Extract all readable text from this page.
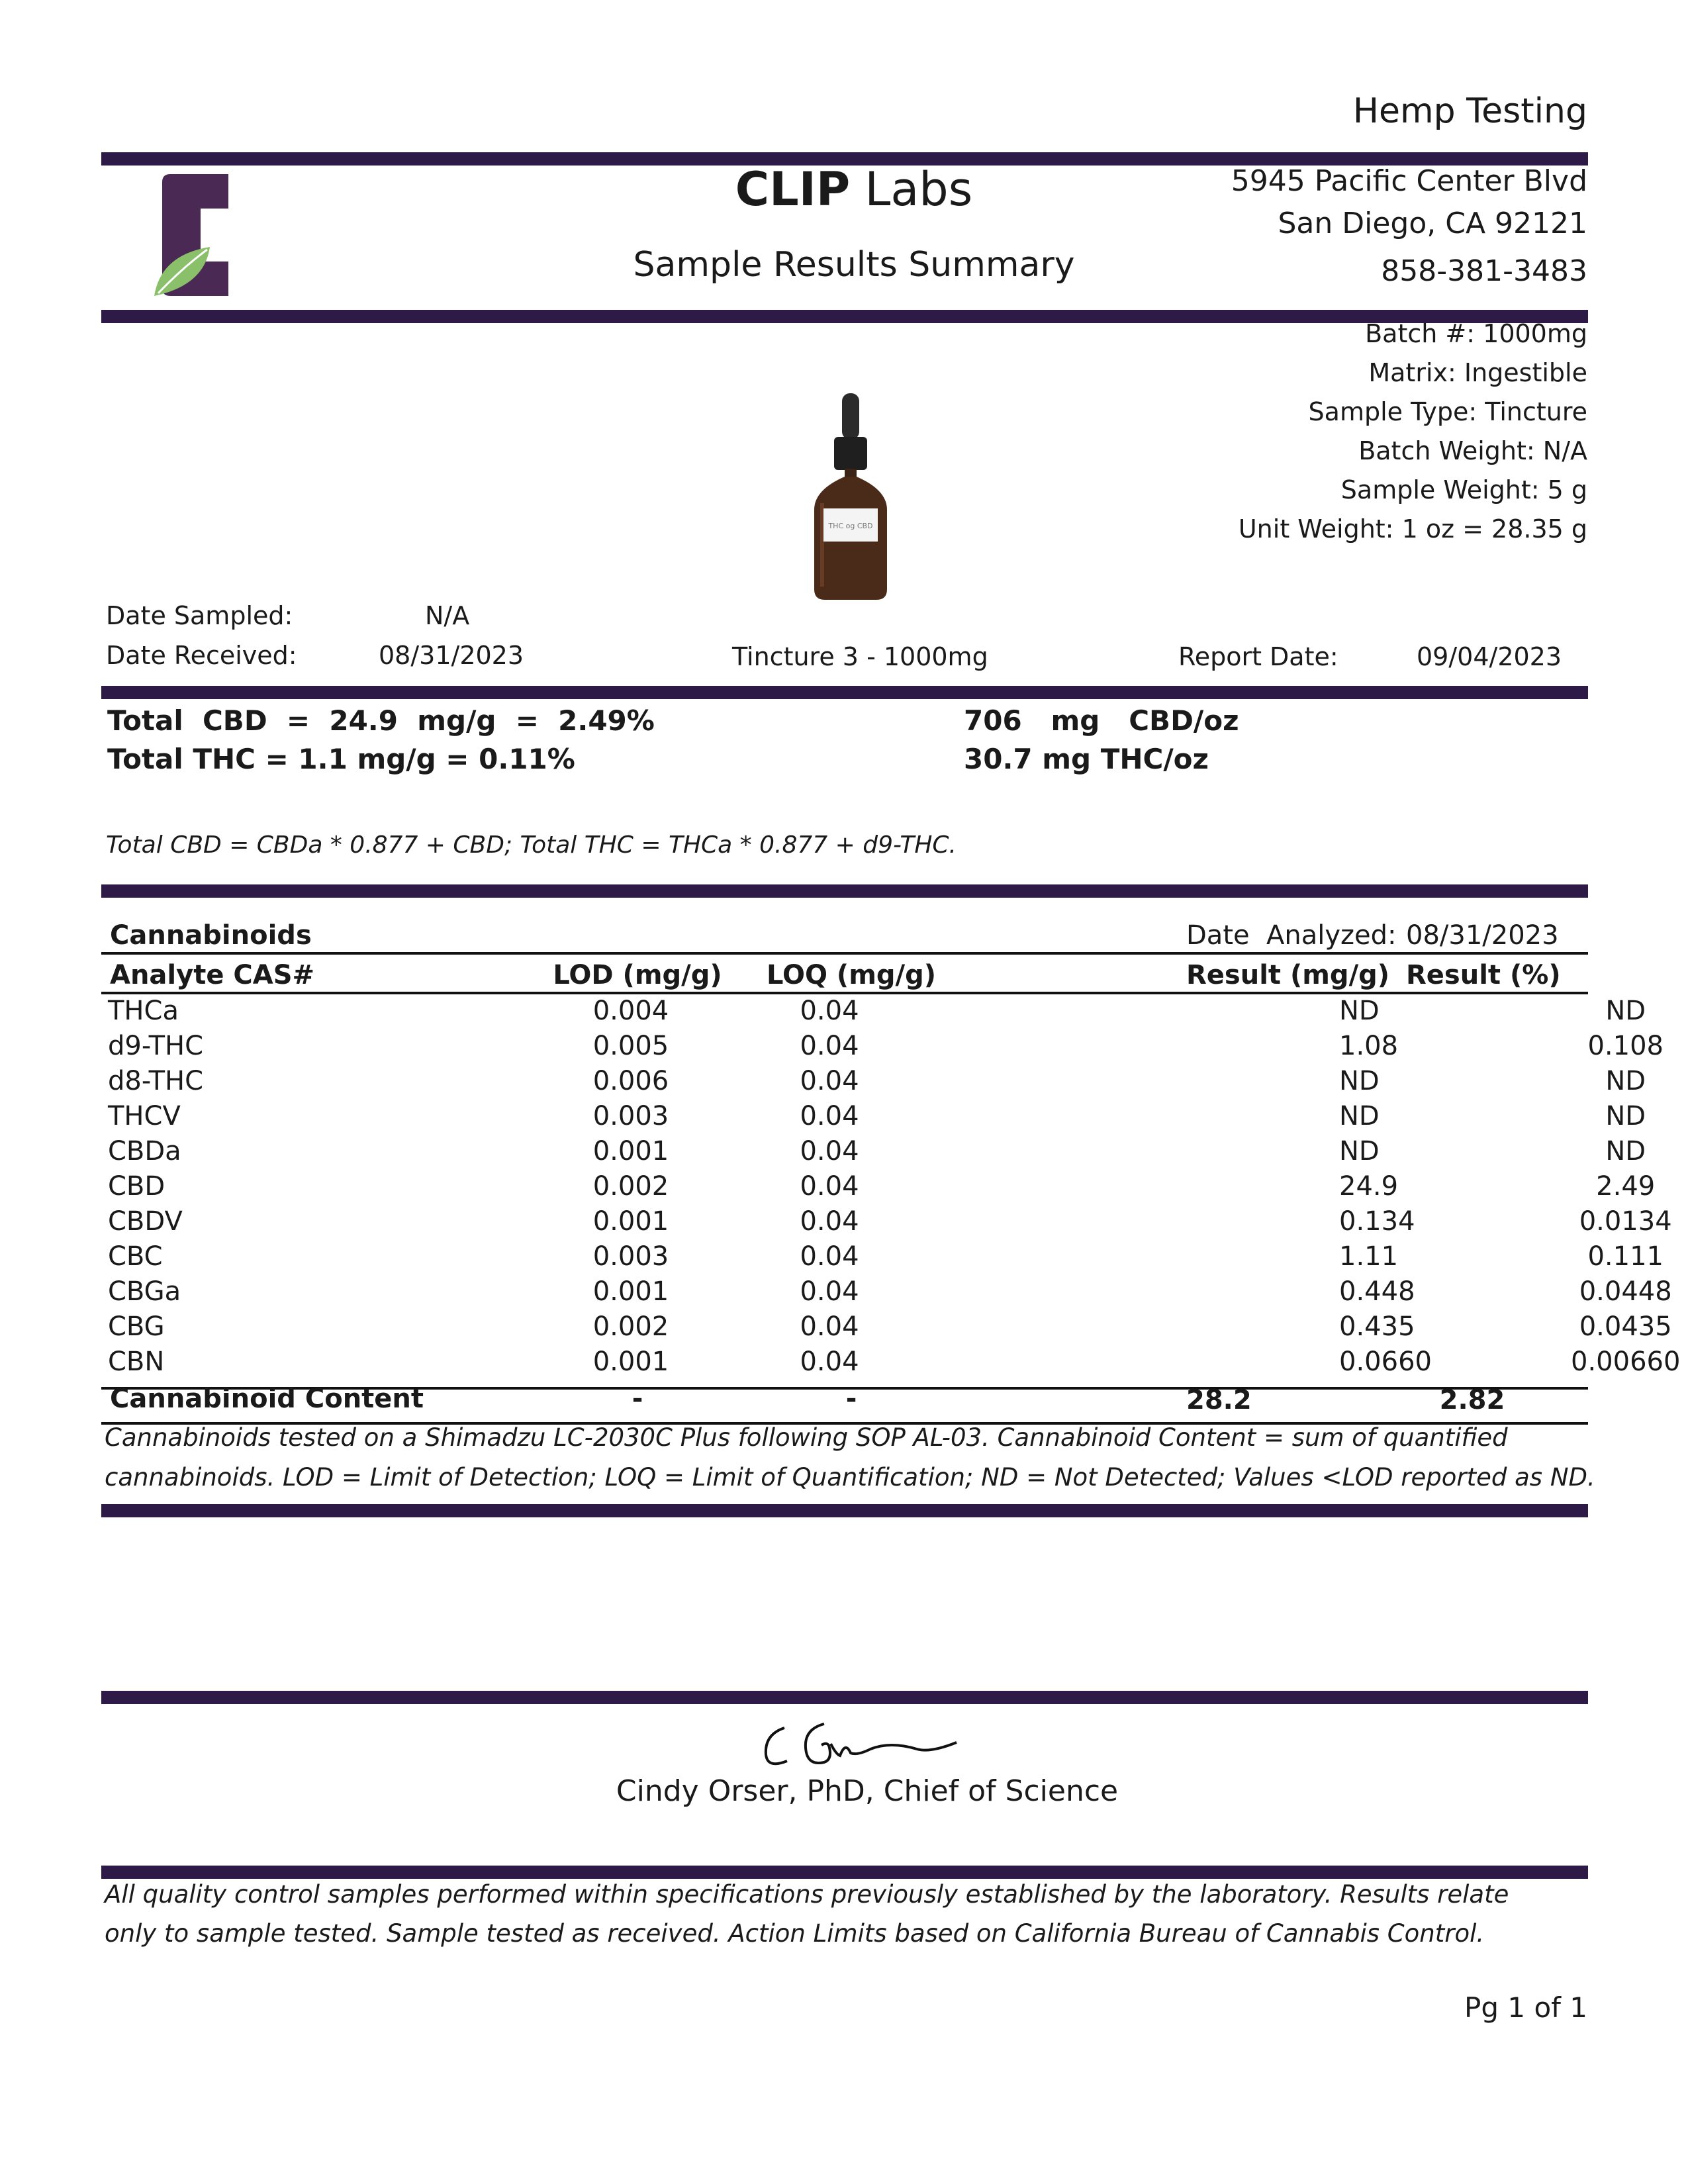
Hemp Testing
CLIP Labs
Sample Results Summary
5945 Pacific Center Blvd
San Diego, CA 92121
858-381-3483
Batch #: 1000mg
Matrix: Ingestible
Sample Type: Tincture
Batch Weight: N/A
Sample Weight: 5 g
Unit Weight: 1 oz = 28.35 g
THC og CBD
Date Sampled:	N/A
Date Received:	08/31/2023	Tincture 3 - 1000mg	Report Date:	09/04/2023
Total  CBD  =  24.9  mg/g  =  2.49%
Total THC = 1.1 mg/g = 0.11%
706   mg   CBD/oz
30.7 mg THC/oz
Total CBD = CBDa * 0.877 + CBD; Total THC = THCa * 0.877 + d9-THC.
Cannabinoids	Date  Analyzed: 08/31/2023
Analyte CAS#	LOD (mg/g)	LOQ (mg/g)	Result (mg/g) Result (%)
THCa	0.004	0.04		ND	ND
d9-THC	0.005	0.04		1.08	0.108
d8-THC	0.006	0.04		ND	ND
THCV	0.003	0.04		ND	ND
CBDa	0.001	0.04		ND	ND
CBD	0.002	0.04		24.9	2.49
CBDV	0.001	0.04		0.134	0.0134
CBC	0.003	0.04		1.11	0.111
CBGa	0.001	0.04		0.448	0.0448
CBG	0.002	0.04		0.435	0.0435
CBN	0.001	0.04		0.0660	0.00660
Cannabinoid Content	-	-	28.2	2.82
Cannabinoids tested on a Shimadzu LC-2030C Plus following SOP AL-03. Cannabinoid Content = sum of quantified
cannabinoids. LOD = Limit of Detection; LOQ = Limit of Quantification; ND = Not Detected; Values <LOD reported as ND.
Cindy Orser, PhD, Chief of Science
All quality control samples performed within specifications previously established by the laboratory. Results relate
only to sample tested. Sample tested as received. Action Limits based on California Bureau of Cannabis Control.
Pg 1 of 1
